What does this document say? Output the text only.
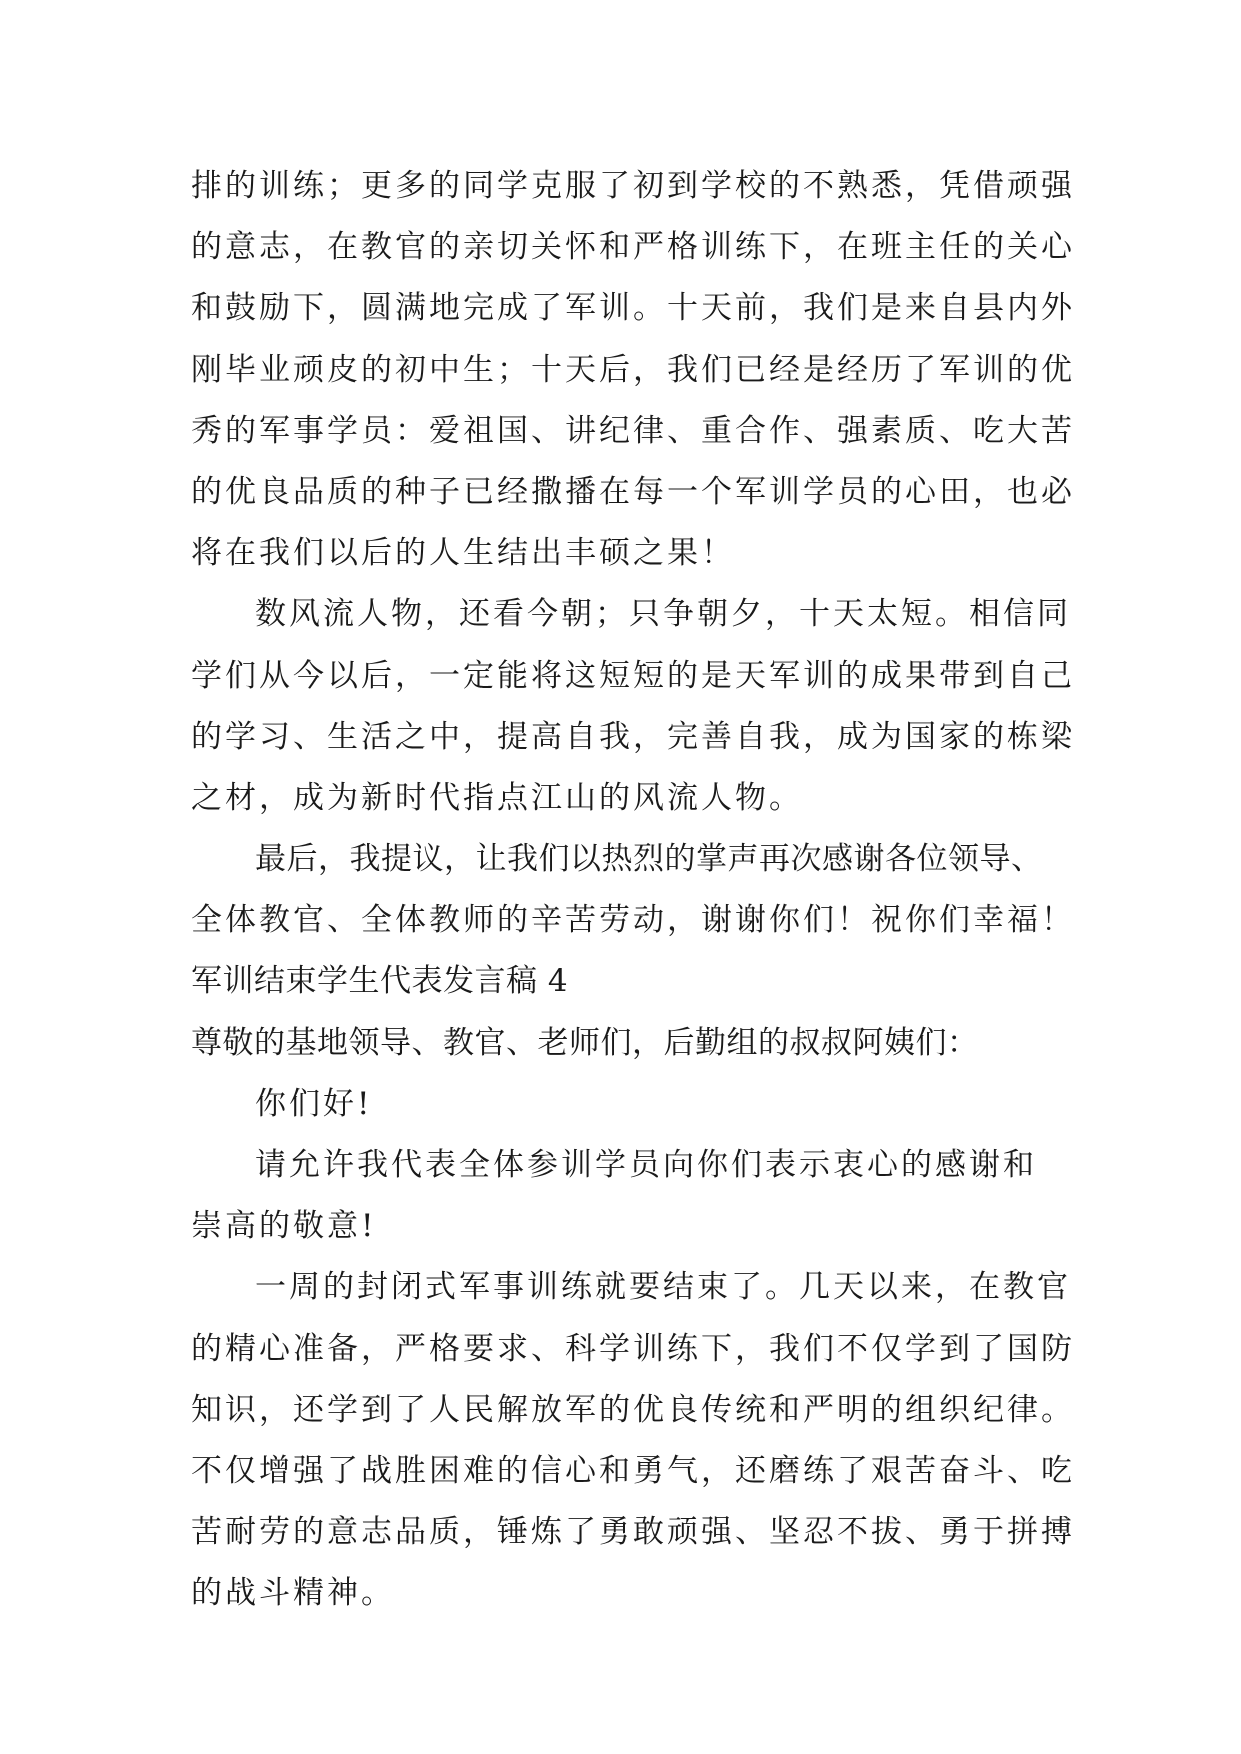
排的训练；更多的同学克服了初到学校的不熟悉，凭借顽强
的意志，在教官的亲切关怀和严格训练下，在班主任的关心
和鼓励下，圆满地完成了军训。十天前，我们是来自县内外
刚毕业顽皮的初中生；十天后，我们已经是经历了军训的优
秀的军事学员：爱祖国、讲纪律、重合作、强素质、吃大苦
的优良品质的种子已经撒播在每一个军训学员的心田，也必
将在我们以后的人生结出丰硕之果！
数风流人物，还看今朝；只争朝夕，十天太短。相信同
学们从今以后，一定能将这短短的是天军训的成果带到自己
的学习、生活之中，提高自我，完善自我，成为国家的栋梁
之材，成为新时代指点江山的风流人物。
最后，我提议，让我们以热烈的掌声再次感谢各位领导、
全体教官、全体教师的辛苦劳动，谢谢你们！祝你们幸福！
军训结束学生代表发言稿 4
尊敬的基地领导、教官、老师们，后勤组的叔叔阿姨们：
你们好!
请允许我代表全体参训学员向你们表示衷心的感谢和
崇高的敬意!
一周的封闭式军事训练就要结束了。几天以来，在教官
的精心准备，严格要求、科学训练下，我们不仅学到了国防
知识，还学到了人民解放军的优良传统和严明的组织纪律。
不仅增强了战胜困难的信心和勇气，还磨练了艰苦奋斗、吃
苦耐劳的意志品质，锤炼了勇敢顽强、坚忍不拔、勇于拼搏
的战斗精神。
